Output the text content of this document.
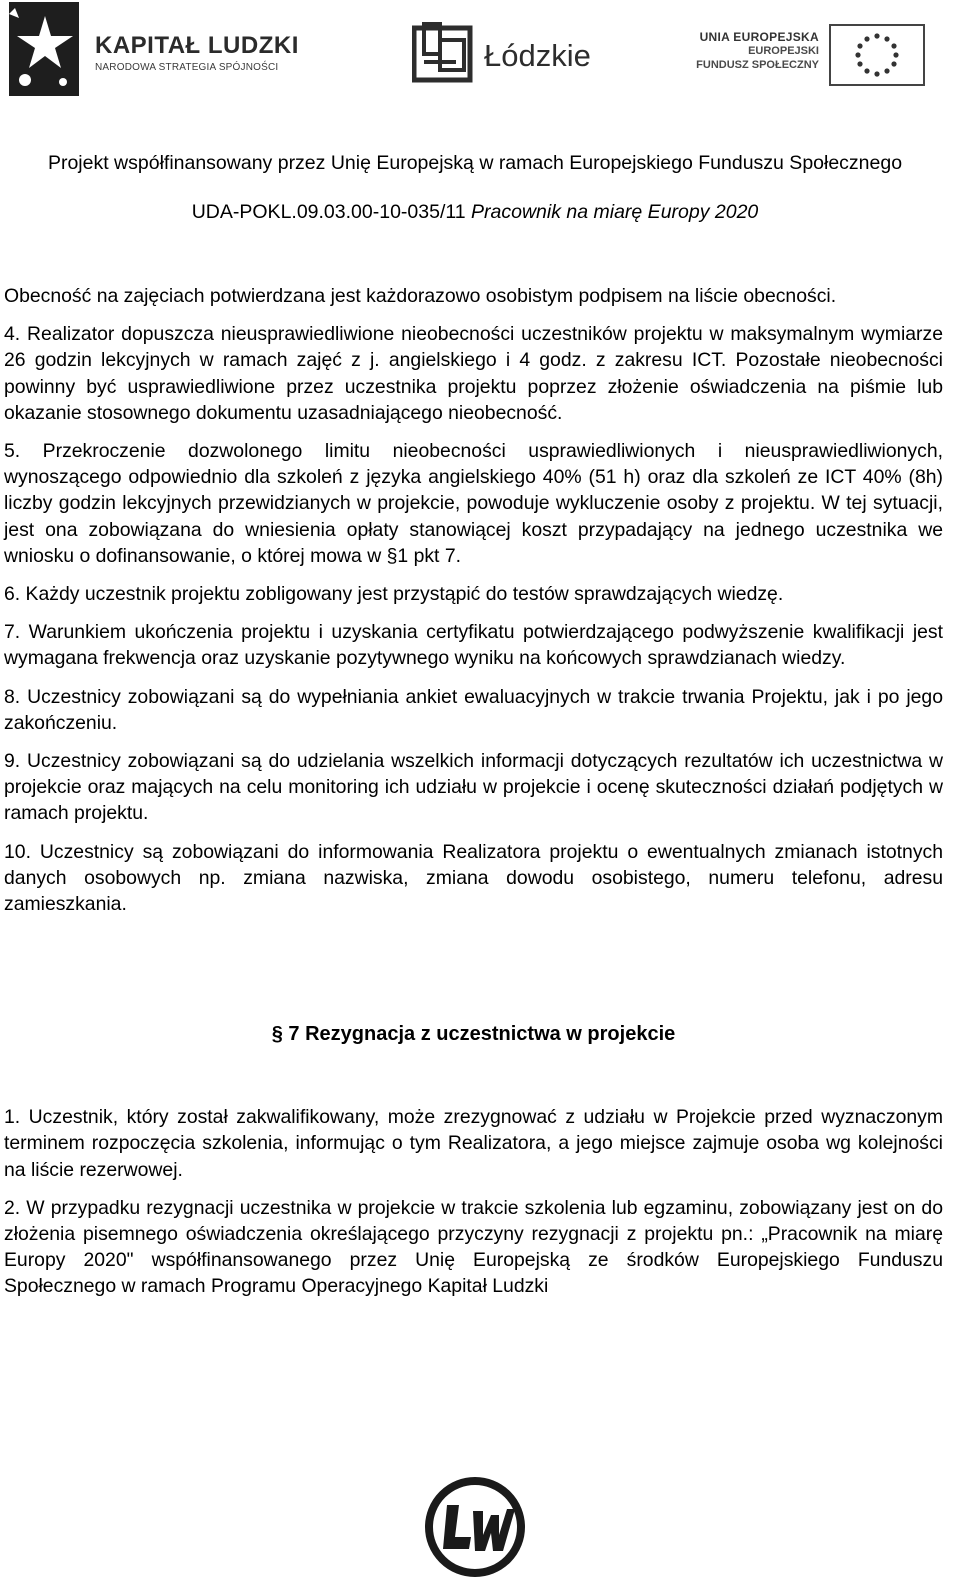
KAPITAŁ LUDZKI
NARODOWA STRATEGIA SPÓJNOŚCI	Łódzkie
UNIA EUROPEJSKA
EUROPEJSKI
FUNDUSZ SPOŁECZNY
Projekt współfinansowany przez Unię Europejską w ramach Europejskiego Funduszu Społecznego
UDA-POKL.09.03.00-10-035/11 Pracownik na miarę Europy 2020

Obecność na zajęciach potwierdzana jest każdorazowo osobistym podpisem na liście obecności.

4. Realizator dopuszcza nieusprawiedliwione nieobecności uczestników projektu w maksymalnym wymiarze 26 godzin lekcyjnych w ramach zajęć z j. angielskiego i 4 godz. z zakresu ICT. Pozostałe nieobecności powinny być usprawiedliwione przez uczestnika projektu poprzez złożenie oświadczenia na piśmie lub okazanie stosownego dokumentu uzasadniającego nieobecność.

5. Przekroczenie dozwolonego limitu nieobecności usprawiedliwionych i nieusprawiedliwionych, wynoszącego odpowiednio dla szkoleń z języka angielskiego 40% (51 h) oraz dla szkoleń ze ICT 40% (8h) liczby godzin lekcyjnych przewidzianych w projekcie, powoduje wykluczenie osoby z projektu. W tej sytuacji, jest ona zobowiązana do wniesienia opłaty stanowiącej koszt przypadający na jednego uczestnika we wniosku o dofinansowanie, o której mowa w §1 pkt 7.

6. Każdy uczestnik projektu zobligowany jest przystąpić do testów sprawdzających wiedzę.

7. Warunkiem ukończenia projektu i uzyskania certyfikatu potwierdzającego podwyższenie kwalifikacji jest wymagana frekwencja oraz uzyskanie pozytywnego wyniku na końcowych sprawdzianach wiedzy.

8. Uczestnicy zobowiązani są do wypełniania ankiet ewaluacyjnych w trakcie trwania Projektu, jak i po jego zakończeniu.

9. Uczestnicy zobowiązani są do udzielania wszelkich informacji dotyczących rezultatów ich uczestnictwa w projekcie oraz mających na celu monitoring ich udziału w projekcie i ocenę skuteczności działań podjętych w ramach projektu.

10. Uczestnicy są zobowiązani do informowania Realizatora projektu o ewentualnych zmianach istotnych danych osobowych np. zmiana nazwiska, zmiana dowodu osobistego, numeru telefonu, adresu zamieszkania.

§ 7 Rezygnacja z uczestnictwa w projekcie

1. Uczestnik, który został zakwalifikowany, może zrezygnować z udziału w Projekcie przed wyznaczonym terminem rozpoczęcia szkolenia, informując o tym Realizatora, a jego miejsce zajmuje osoba wg kolejności na liście rezerwowej.

2. W przypadku rezygnacji uczestnika w projekcie w trakcie szkolenia lub egzaminu, zobowiązany jest on do złożenia pisemnego oświadczenia określającego przyczyny rezygnacji z projektu pn.: „Pracownik na miarę Europy 2020" współfinansowanego przez Unię Europejską ze środków Europejskiego Funduszu Społecznego w ramach Programu Operacyjnego Kapitał Ludzki
